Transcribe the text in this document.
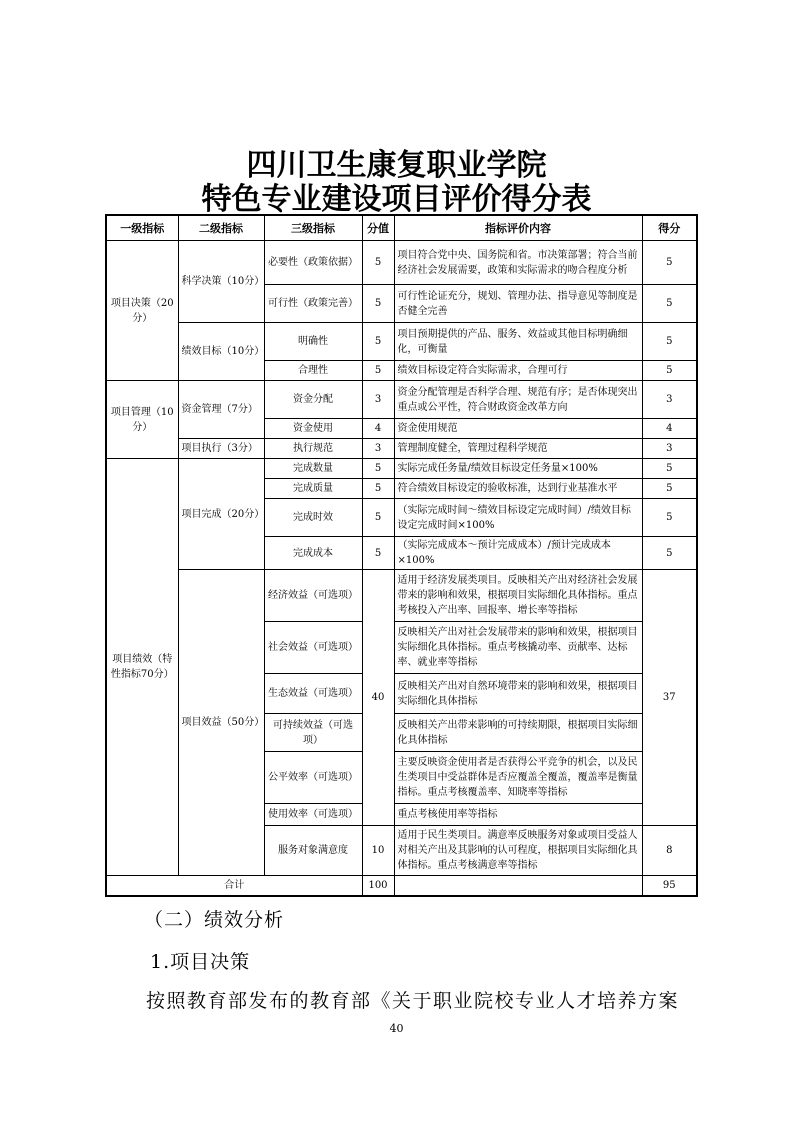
四川卫生康复职业学院
特色专业建设项目评价得分表
一级指标	二级指标	三级指标	分值	指标评价内容	得分
项目决策（20分）	科学决策（10分）	必要性（政策依据）	5	项目符合党中央、国务院和省。市决策部署；符合当前经济社会发展需要，政策和实际需求的吻合程度分析	5
		可行性（政策完善）	5	可行性论证充分，规划、管理办法、指导意见等制度是否健全完善	5
	绩效目标（10分）	明确性	5	项目预期提供的产品、服务、效益或其他目标明确细化，可衡量	5
		合理性	5	绩效目标设定符合实际需求，合理可行	5
项目管理（10分）	资金管理（7分）	资金分配	3	资金分配管理是否科学合理、规范有序；是否体现突出重点或公平性，符合财政资金改革方向	3
		资金使用	4	资金使用规范	4
	项目执行（3分）	执行规范	3	管理制度健全，管理过程科学规范	3
项目绩效（特性指标70分）	项目完成（20分）	完成数量	5	实际完成任务量/绩效目标设定任务量×100%	5
		完成质量	5	符合绩效目标设定的验收标准，达到行业基准水平	5
		完成时效	5	（实际完成时间～绩效目标设定完成时间）/绩效目标设定完成时间×100%	5
		完成成本	5	（实际完成成本～预计完成成本）/预计完成成本×100%	5
	项目效益（50分）	经济效益（可选项）	40	适用于经济发展类项目。反映相关产出对经济社会发展带来的影响和效果，根据项目实际细化具体指标。重点考核投入产出率、回报率、增长率等指标	37
		社会效益（可选项）		反映相关产出对社会发展带来的影响和效果，根据项目实际细化具体指标。重点考核撬动率、贡献率、达标率、就业率等指标	
		生态效益（可选项）		反映相关产出对自然环境带来的影响和效果，根据项目实际细化具体指标	
		可持续效益（可选项）		反映相关产出带来影响的可持续期限，根据项目实际细化具体指标	
		公平效率（可选项）		主要反映资金使用者是否获得公平竞争的机会，以及民生类项目中受益群体是否应覆盖全覆盖，覆盖率是衡量指标。重点考核覆盖率、知晓率等指标	
		使用效率（可选项）		重点考核使用率等指标	
		服务对象满意度	10	适用于民生类项目。满意率反映服务对象或项目受益人对相关产出及其影响的认可程度，根据项目实际细化具体指标。重点考核满意率等指标	8
合计			100		95
（二）绩效分析
1.项目决策
按照教育部发布的教育部《关于职业院校专业人才培养方案
40
